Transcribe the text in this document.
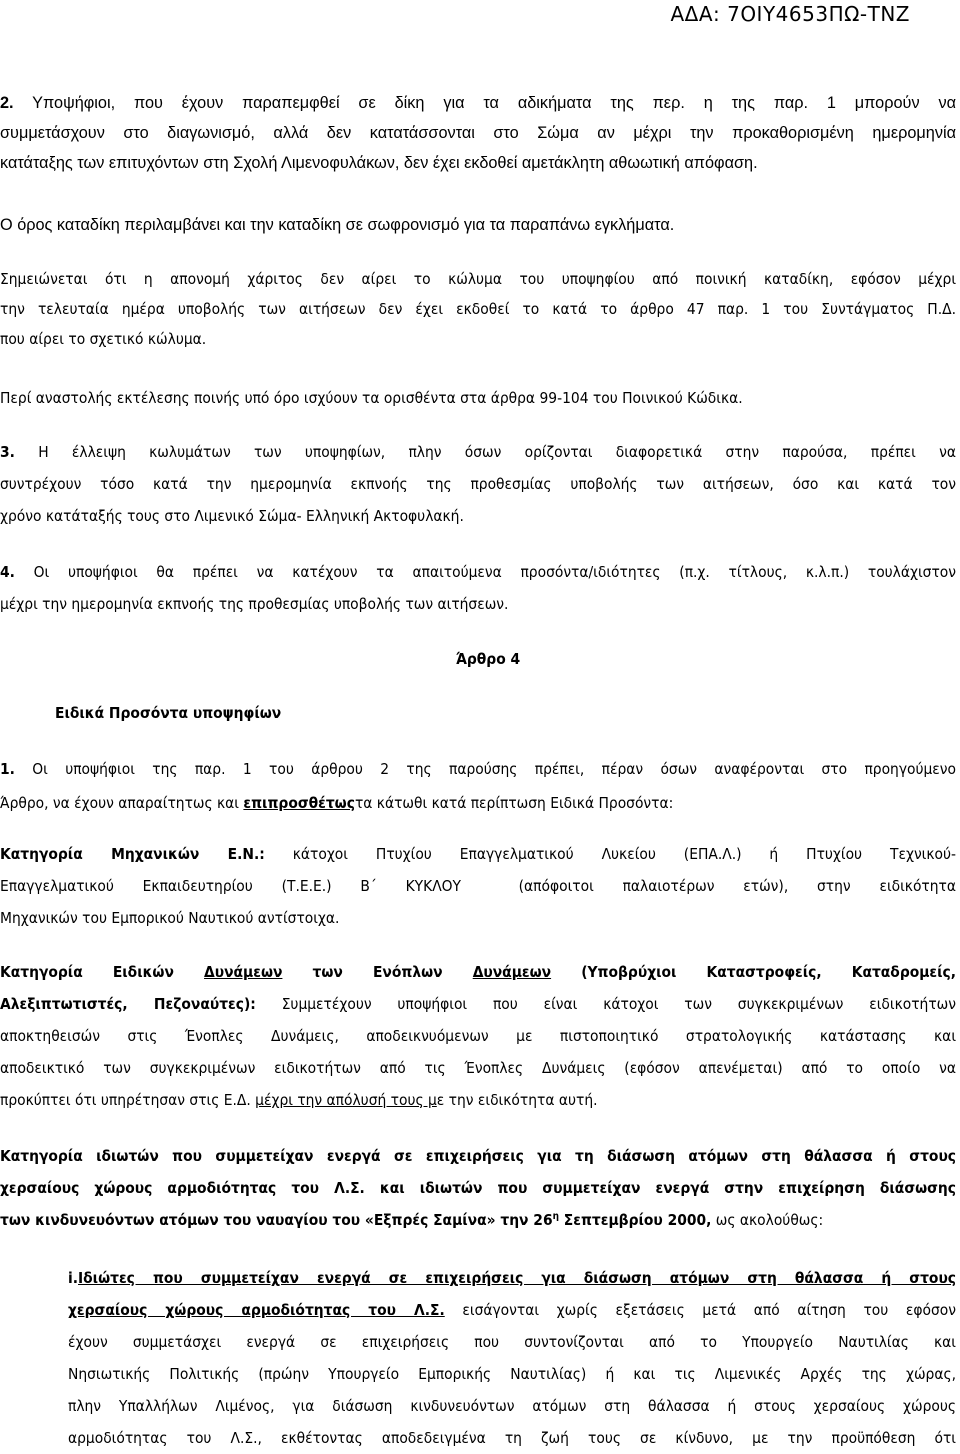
ΑΔΑ: 7ΟΙΥ4653ΠΩ-ΤΝΖ

2. Υποψήφιοι, που έχουν παραπεμφθεί σε δίκη για τα αδικήματα της περ. η της παρ. 1 μπορούν να

συμμετάσχουν στο διαγωνισμό, αλλά δεν κατατάσσονται στο Σώμα αν μέχρι την προκαθορισμένη ημερομηνία

κατάταξης των επιτυχόντων στη Σχολή Λιμενοφυλάκων, δεν έχει εκδοθεί αμετάκλητη αθωωτική απόφαση.

Ο όρος καταδίκη περιλαμβάνει και την καταδίκη σε σωφρονισμό για τα παραπάνω εγκλήματα.

Σημειώνεται ότι η απονομή χάριτος δεν αίρει το κώλυμα του υποψηφίου από ποινική καταδίκη, εφόσον μέχρι

την τελευταία ημέρα υποβολής των αιτήσεων δεν έχει εκδοθεί το κατά το άρθρο 47 παρ. 1 του Συντάγματος Π.Δ.

που αίρει το σχετικό κώλυμα.

Περί αναστολής εκτέλεσης ποινής υπό όρο ισχύουν τα ορισθέντα στα άρθρα 99-104 του Ποινικού Κώδικα.

3. Η έλλειψη κωλυμάτων των υποψηφίων, πλην όσων ορίζονται διαφορετικά στην παρούσα, πρέπει να

συντρέχουν τόσο κατά την ημερομηνία εκπνοής της προθεσμίας υποβολής των αιτήσεων, όσο και κατά τον

χρόνο κατάταξής τους στο Λιμενικό Σώμα- Ελληνική Ακτοφυλακή.

4. Οι υποψήφιοι θα πρέπει να κατέχουν τα απαιτούμενα προσόντα/ιδιότητες (π.χ. τίτλους, κ.λ.π.) τουλάχιστον

μέχρι την ημερομηνία εκπνοής της προθεσμίας υποβολής των αιτήσεων.

Άρθρο 4
Ειδικά Προσόντα υποψηφίων

1. Οι υποψήφιοι της παρ. 1 του άρθρου 2 της παρούσης πρέπει, πέραν όσων αναφέρονται στο προηγούμενο

Άρθρο, να έχουν απαραίτητως και επιπροσθέτωςτα κάτωθι κατά περίπτωση Ειδικά Προσόντα:

Κατηγορία Μηχανικών Ε.Ν.: κάτοχοι Πτυχίου Επαγγελματικού Λυκείου (ΕΠΑ.Λ.) ή Πτυχίου Τεχνικού-

Επαγγελματικού Εκπαιδευτηρίου (Τ.Ε.Ε.) Β΄ ΚΥΚΛΟΥ  (απόφοιτοι παλαιοτέρων ετών), στην ειδικότητα

Μηχανικών του Εμπορικού Ναυτικού αντίστοιχα.

Κατηγορία Ειδικών Δυνάμεων των Ενόπλων Δυνάμεων (Υποβρύχιοι Καταστροφείς, Καταδρομείς,

Αλεξιπτωτιστές, Πεζοναύτες): Συμμετέχουν υποψήφιοι που είναι κάτοχοι των συγκεκριμένων ειδικοτήτων

αποκτηθεισών στις Ένοπλες Δυνάμεις, αποδεικνυόμενων με πιστοποιητικό στρατολογικής κατάστασης και

αποδεικτικό των συγκεκριμένων ειδικοτήτων από τις Ένοπλες Δυνάμεις (εφόσον απενέμεται) από το οποίο να

προκύπτει ότι υπηρέτησαν στις Ε.Δ. μέχρι την απόλυσή τους με την ειδικότητα αυτή.

Κατηγορία ιδιωτών που συμμετείχαν ενεργά σε επιχειρήσεις για τη διάσωση ατόμων στη θάλασσα ή στους

χερσαίους χώρους αρμοδιότητας του Λ.Σ. και ιδιωτών που συμμετείχαν ενεργά στην επιχείρηση διάσωσης

των κινδυνευόντων ατόμων του ναυαγίου του «Εξπρές Σαμίνα» την $26^\eta$ Σεπτεμβρίου 2000, ως ακολούθως:

i.Ιδιώτες που συμμετείχαν ενεργά σε επιχειρήσεις για διάσωση ατόμων στη θάλασσα ή στους

χερσαίους χώρους αρμοδιότητας του Λ.Σ. εισάγονται χωρίς εξετάσεις μετά από αίτηση του εφόσον

έχουν συμμετάσχει ενεργά σε επιχειρήσεις που συντονίζονται από το Υπουργείο Ναυτιλίας και

Νησιωτικής Πολιτικής (πρώην Υπουργείο Εμπορικής Ναυτιλίας) ή και τις Λιμενικές Αρχές της χώρας,

πλην Υπαλλήλων Λιμένος, για διάσωση κινδυνευόντων ατόμων στη θάλασσα ή στους χερσαίους χώρους

αρμοδιότητας του Λ.Σ., εκθέτοντας αποδεδειγμένα τη ζωή τους σε κίνδυνο, με την προϋπόθεση ότι
